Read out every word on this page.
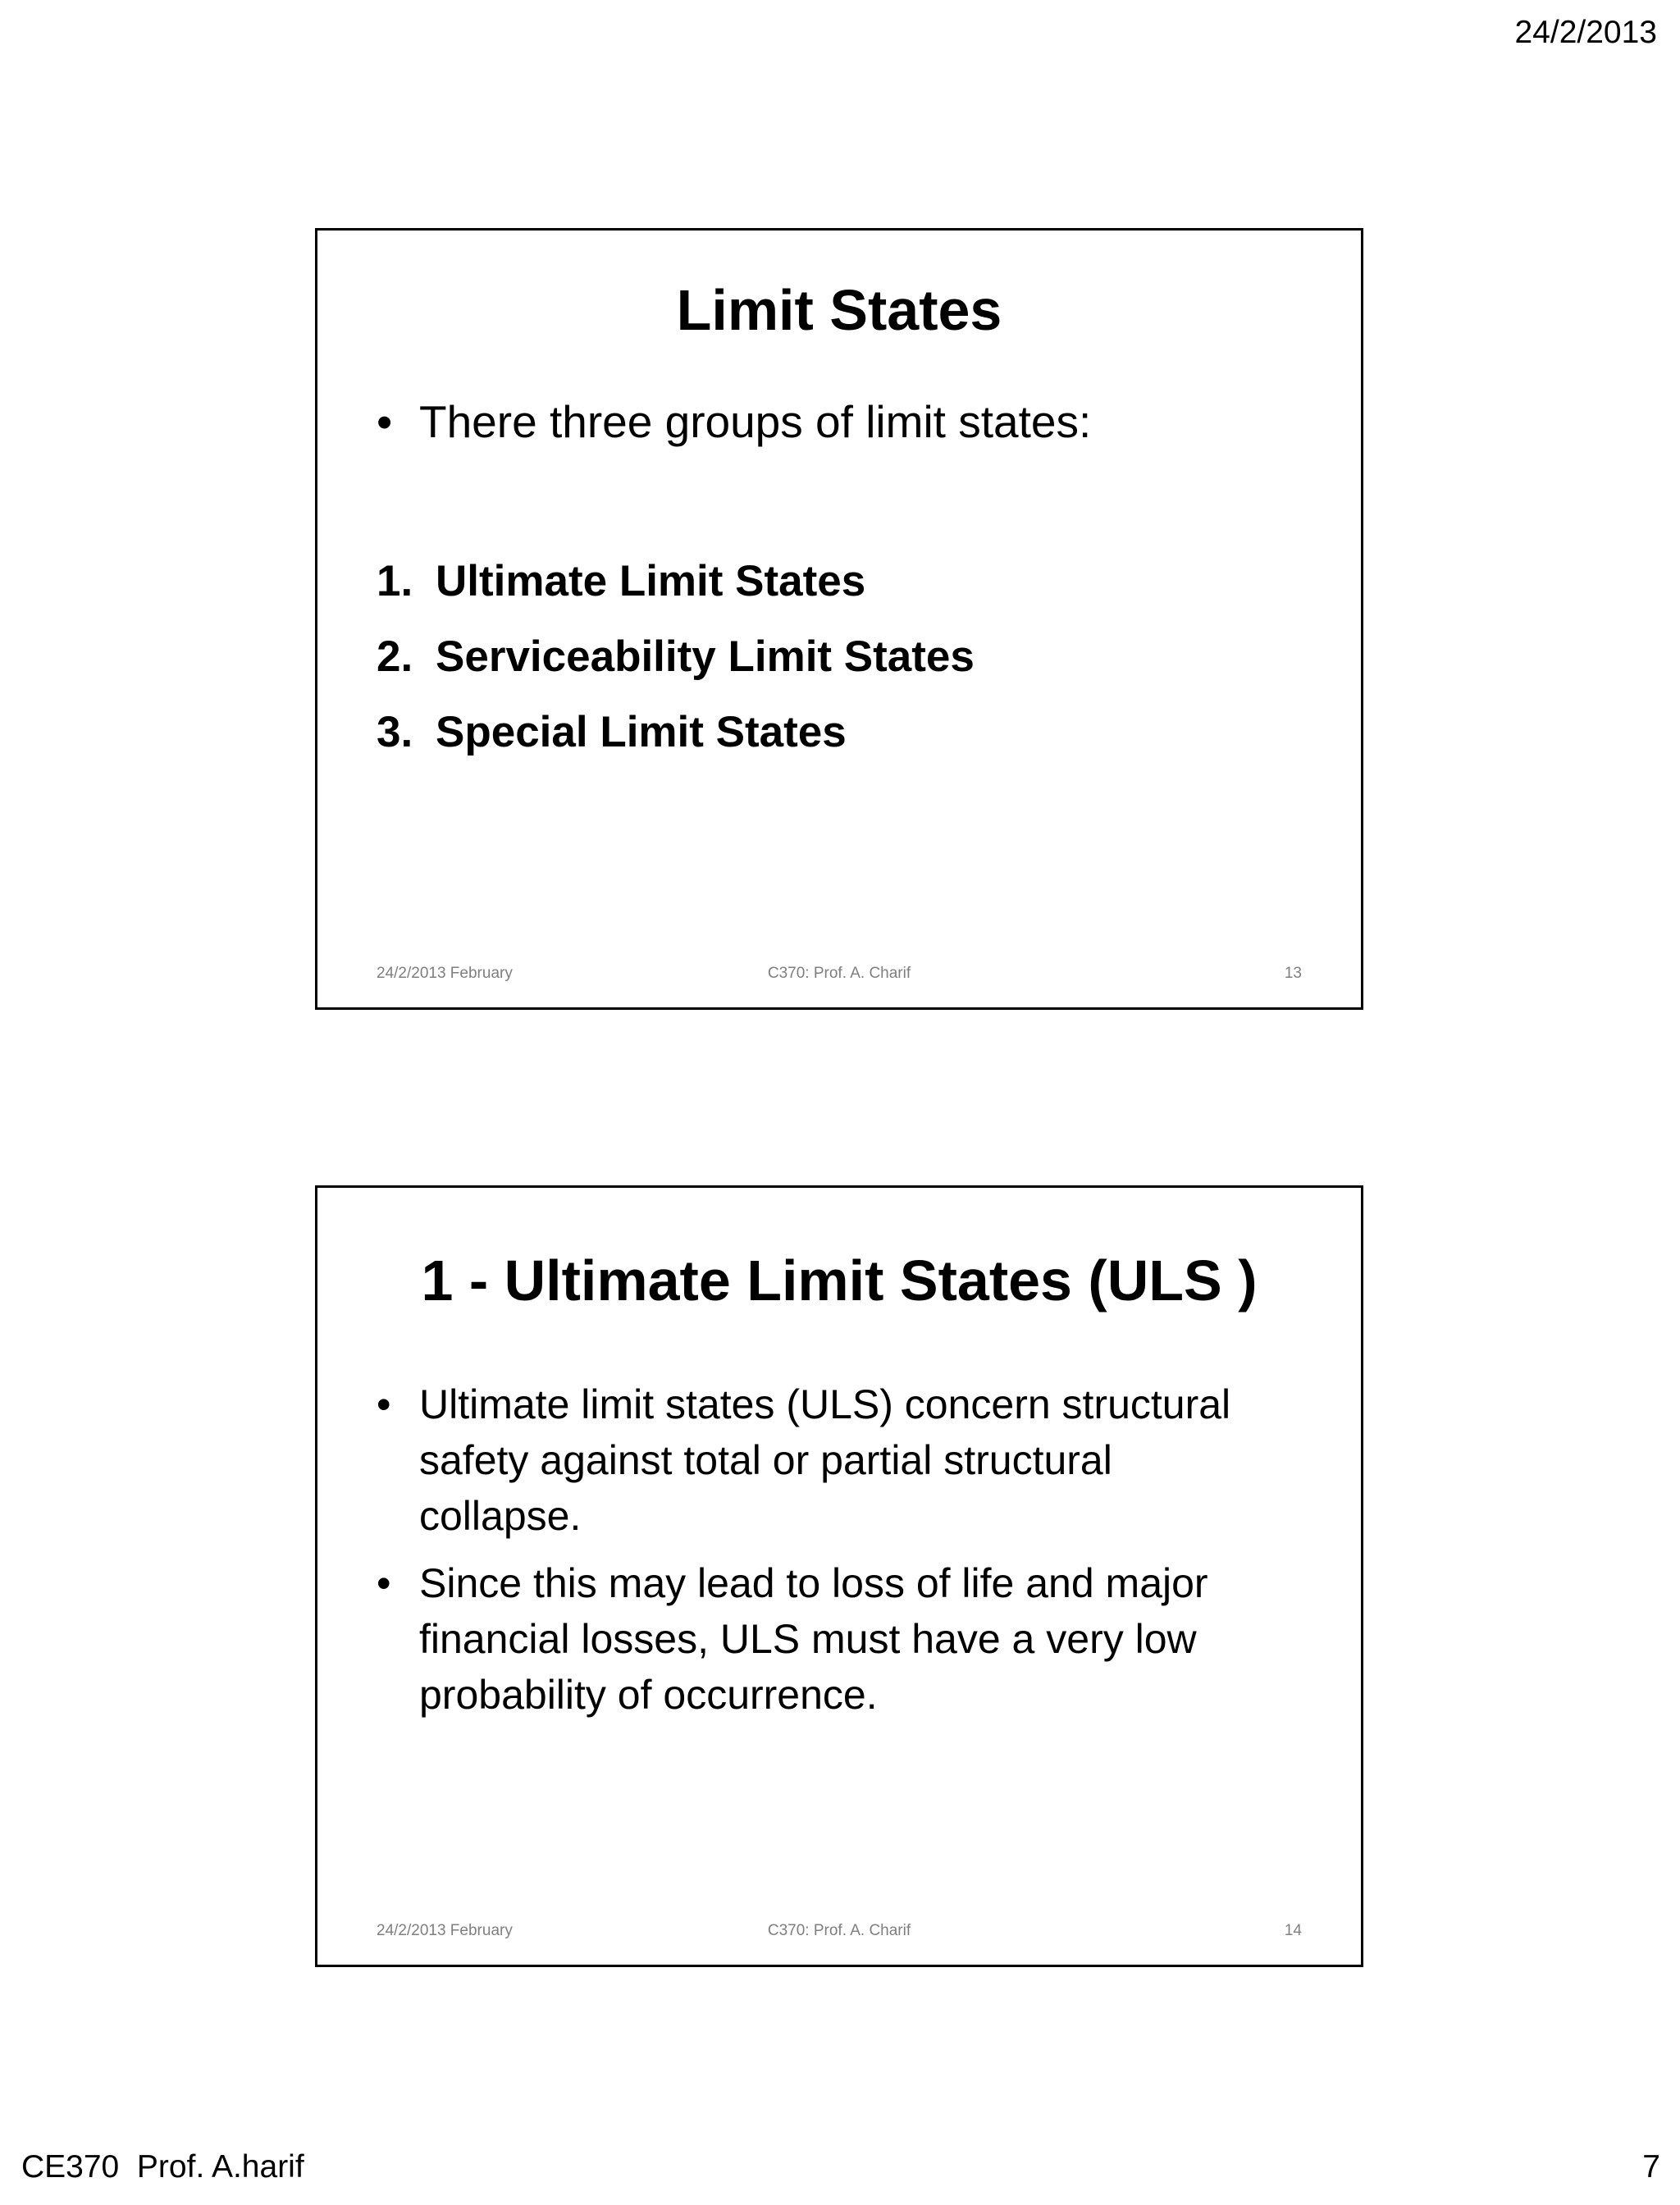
24/2/2013
Limit States
• There three groups of limit states:
1. Ultimate Limit States
2. Serviceability Limit States
3. Special Limit States
24/2/2013 February	C370: Prof. A. Charif	13
1 - Ultimate Limit States (ULS )
• Ultimate limit states (ULS) concern structural safety against total or partial structural collapse.
• Since this may lead to loss of life and major financial losses, ULS must have a very low probability of occurrence.
24/2/2013 February	C370: Prof. A. Charif	14
CE370  Prof. A.harif	7
